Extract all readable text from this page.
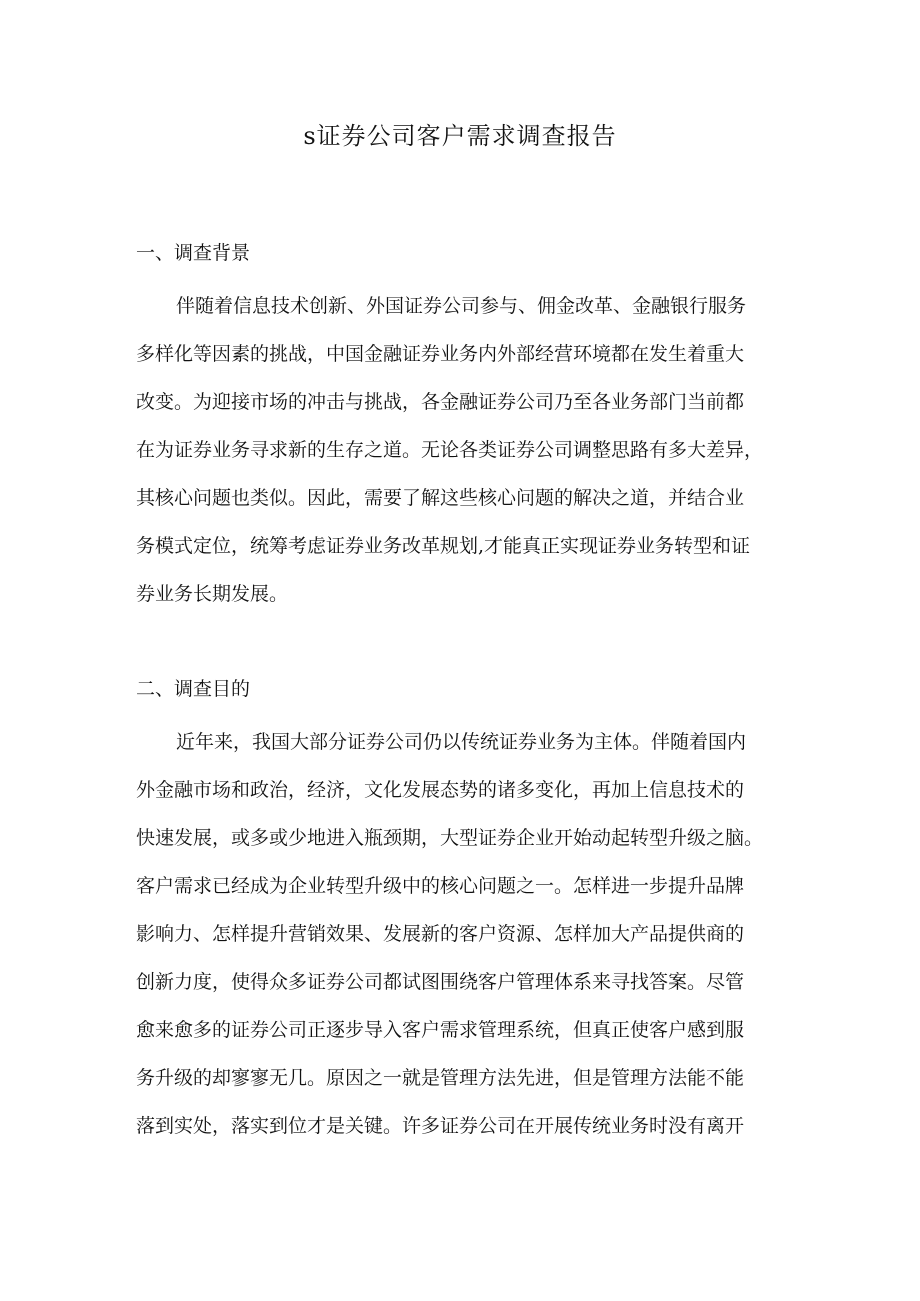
s证券公司客户需求调查报告
一、调查背景
伴随着信息技术创新、外国证券公司参与、佣金改革、金融银行服务
多样化等因素的挑战，中国金融证券业务内外部经营环境都在发生着重大
改变。为迎接市场的冲击与挑战，各金融证券公司乃至各业务部门当前都
在为证券业务寻求新的生存之道。无论各类证券公司调整思路有多大差异，
其核心问题也类似。因此，需要了解这些核心问题的解决之道，并结合业
务模式定位，统筹考虑证券业务改革规划,才能真正实现证券业务转型和证
券业务长期发展。
二、调查目的
近年来，我国大部分证券公司仍以传统证券业务为主体。伴随着国内
外金融市场和政治，经济，文化发展态势的诸多变化，再加上信息技术的
快速发展，或多或少地进入瓶颈期，大型证券企业开始动起转型升级之脑。
客户需求已经成为企业转型升级中的核心问题之一。怎样进一步提升品牌
影响力、怎样提升营销效果、发展新的客户资源、怎样加大产品提供商的
创新力度，使得众多证券公司都试图围绕客户管理体系来寻找答案。尽管
愈来愈多的证券公司正逐步导入客户需求管理系统，但真正使客户感到服
务升级的却寥寥无几。原因之一就是管理方法先进，但是管理方法能不能
落到实处，落实到位才是关键。许多证券公司在开展传统业务时没有离开
